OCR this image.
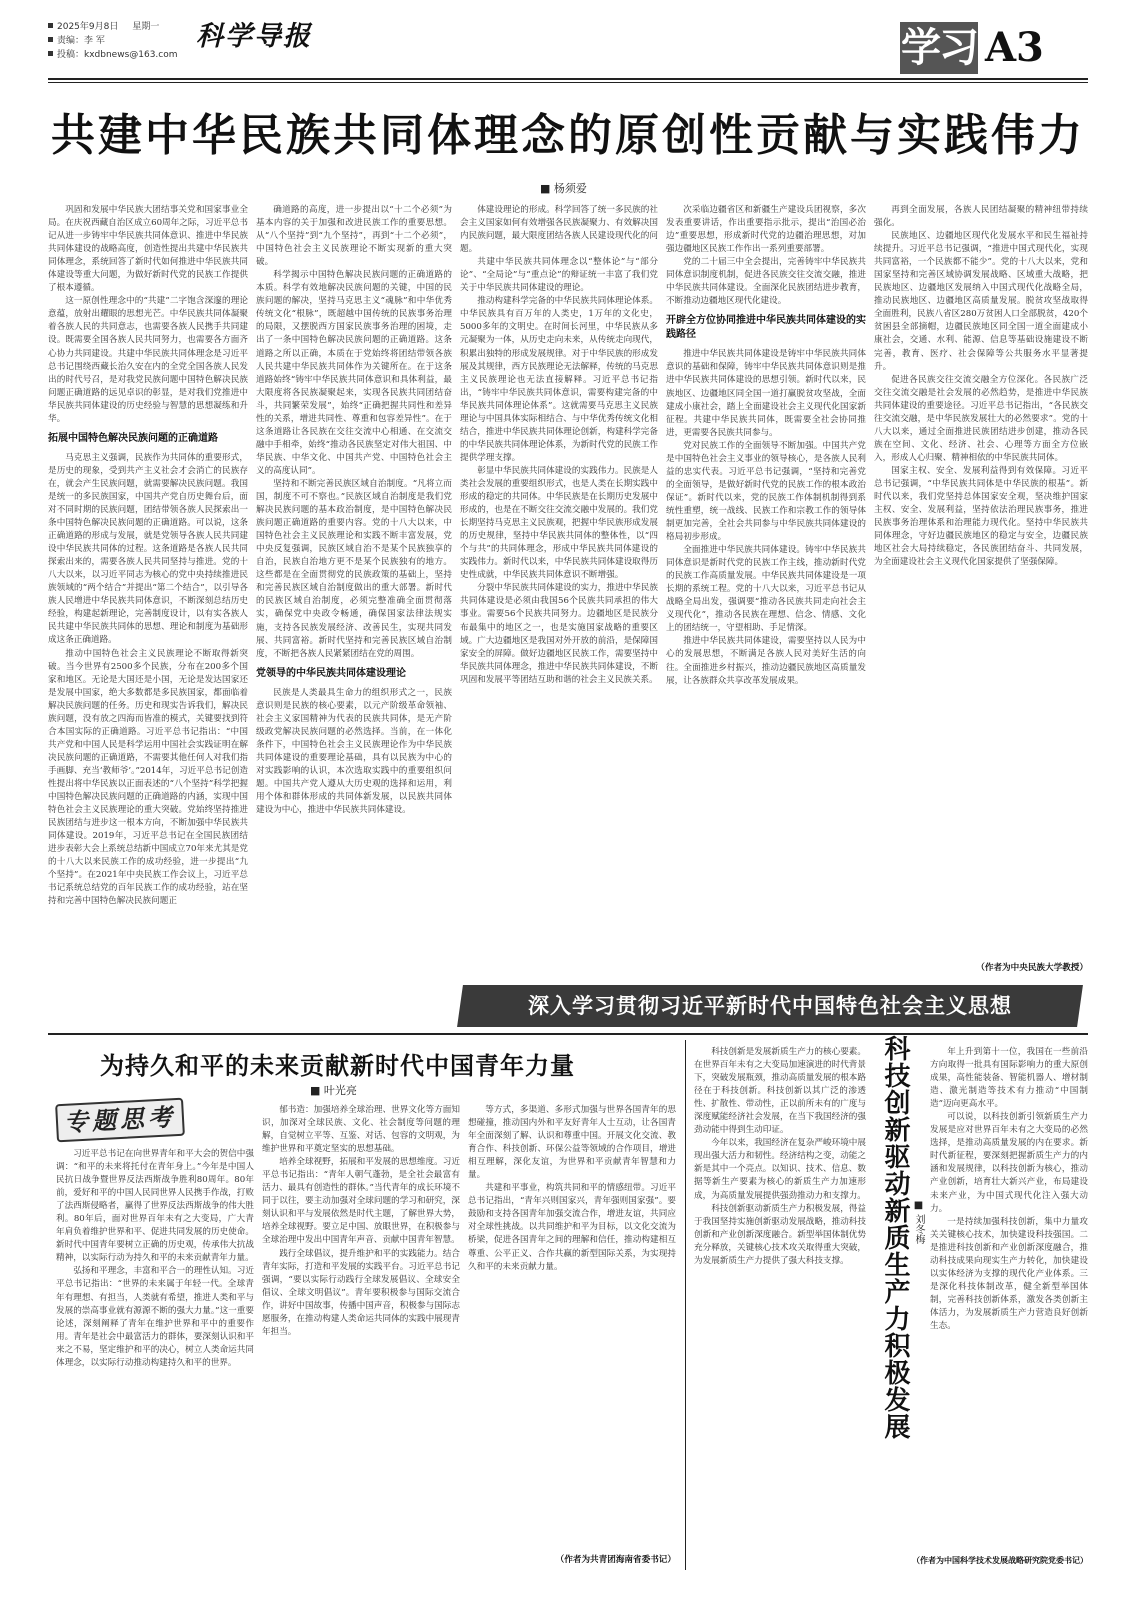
2025年9月8日 星期一
责编：李 军
投稿：kxdbnews@163.com
科学导报	学习 A3
共建中华民族共同体理念的原创性贡献与实践伟力
■ 杨须爱

巩固和发展中华民族大团结事关党和国家事业全局。在庆祝西藏自治区成立60周年之际，习近平总书记从进一步铸牢中华民族共同体意识、推进中华民族共同体建设的战略高度，创造性提出共建中华民族共同体理念，系统回答了新时代如何推进中华民族共同体建设等重大问题，为做好新时代党的民族工作提供了根本遵循。

这一原创性理念中的“共建”二字饱含深邃的理论意蕴，放射出耀眼的思想光芒。中华民族共同体凝聚着各族人民的共同意志，也需要各族人民携手共同建设。既需要全国各族人民共同努力，也需要各方面齐心协力共同建设。共建中华民族共同体理念是习近平总书记围绕西藏长治久安在内的全党全国各族人民发出的时代号召，是对我党民族问题中国特色解决民族问题正确道路的远见卓识的彰显，是对我们党推进中华民族共同体建设的历史经验与智慧的思想凝练和升华。

拓展中国特色解决民族问题的正确道路

马克思主义强调，民族作为共同体的重要形式，是历史的现象，受到共产主义社会才会消亡的民族存在，就会产生民族问题，就需要解决民族问题。我国是统一的多民族国家，中国共产党自历史舞台后，面对不同时期的民族问题，团结带领各族人民探索出一条中国特色解决民族问题的正确道路。可以说，这条正确道路的形成与发展，就是党领导各族人民共同建设中华民族共同体的过程。这条道路是各族人民共同探索出来的，需要各族人民共同坚持与推进。党的十八大以来，以习近平同志为核心的党中央持续推进民族领域的“两个结合”并提出“第二个结合”，以引导各族人民增进中华民族共同体意识，不断深刻总结历史经验，构建起新理论，完善制度设计，以有实各族人民共建中华民族共同体的思想、理论和制度为基础形成这条正确道路。

推动中国特色社会主义民族理论不断取得新突破。当今世界有2500多个民族，分布在200多个国家和地区。无论是大国还是小国，无论是发达国家还是发展中国家，绝大多数都是多民族国家，都面临着解决民族问题的任务。历史和现实告诉我们，解决民族问题，没有放之四海而皆准的模式，关键要找到符合本国实际的正确道路。习近平总书记指出：“中国共产党和中国人民是科学运用中国社会实践证明在解决民族问题的正确道路，不需要其他任何人对我们指手画脚、充当‘教师爷’。”2014年，习近平总书记创造性提出将中华民族以正面表述的“八个坚持”科学把握中国特色解决民族问题的正确道路的内涵，实现中国特色社会主义民族理论的重大突破。党始终坚持推进民族团结与进步这一根本方向，不断加强中华民族共同体建设。2019年，习近平总书记在全国民族团结进步表彰大会上系统总结新中国成立70年来尤其是党的十八大以来民族工作的成功经验，进一步提出“九个坚持”。在2021年中央民族工作会议上，习近平总书记系统总结党的百年民族工作的成功经验，站在坚持和完善中国特色解决民族问题正

确道路的高度，进一步提出以“十二个必须”为基本内容的关于加强和改进民族工作的重要思想。从“八个坚持”到“九个坚持”，再到“十二个必须”，中国特色社会主义民族理论不断实现新的重大突破。

科学揭示中国特色解决民族问题的正确道路的本质。科学有效地解决民族问题的关键，中国的民族问题的解决，坚持马克思主义“魂脉”和中华优秀传统文化“根脉”，既超越中国传统的民族事务治理的局限，又摆脱西方国家民族事务治理的困境，走出了一条中国特色解决民族问题的正确道路。这条道路之所以正确，本质在于党始终将团结带领各族人民共建中华民族共同体作为关键所在。在于这条道路始终“铸牢中华民族共同体意识和具体利益，最大限度将各民族凝聚起来，实现各民族共同团结奋斗，共同繁荣发展”，始终“正确把握共同性和差异性的关系，增进共同性、尊重和包容差异性”。在于这条道路让各民族在交往交流中心相通、在交流交融中手相牵，始终“推动各民族坚定对伟大祖国、中华民族、中华文化、中国共产党、中国特色社会主义的高度认同”。

坚持和不断完善民族区域自治制度。“凡将立而国，制度不可不察也。”民族区域自治制度是我们党解决民族问题的基本政治制度，是中国特色解决民族问题正确道路的重要内容。党的十八大以来，中国特色社会主义民族理论和实践不断丰富发展，党中央反复强调，民族区域自治不是某个民族独享的自治，民族自治地方更不是某个民族独有的地方。这些都是在全面贯彻党的民族政策的基础上，坚持和完善民族区域自治制度做出的重大部署。新时代的民族区域自治制度，必须完整准确全面贯彻落实，确保党中央政令畅通，确保国家法律法规实施，支持各民族发展经济、改善民生，实现共同发展、共同富裕。新时代坚持和完善民族区域自治制度，不断把各族人民紧紧团结在党的周围。

党领导的中华民族共同体建设理论

民族是人类最具生命力的组织形式之一，民族意识则是民族的核心要素，以元产阶级革命领袖、社会主义家国精神为代表的民族共同体，是无产阶级政党解决民族问题的必然选择。当前，在一体化条件下，中国特色社会主义民族理论作为中华民族共同体建设的重要理论基础，具有以民族为中心的对实践影响的认识，本次选取实践中的重要组织问题。中国共产党人遵从大历史观的选择和运用，利用个体和群体形成的共同体新发展，以民族共同体建设为中心，推进中华民族共同体建设。

体建设理论的形成。科学回答了统一多民族的社会主义国家如何有效增强各民族凝聚力、有效解决国内民族问题，最大限度团结各族人民建设现代化的问题。

共建中华民族共同体理念以“整体论”与“部分论”、“全局论”与“重点论”的辩证统一丰富了我们党关于中华民族共同体建设的理论。

推动构建科学完备的中华民族共同体理论体系。中华民族具有百万年的人类史，1万年的文化史，5000多年的文明史。在时间长河里，中华民族从多元凝聚为一体，从历史走向未来，从传统走向现代，积累出独特的形成发展规律。对于中华民族的形成发展及其规律，西方民族理论无法解释，传统的马克思主义民族理论也无法直接解释。习近平总书记指出，“铸牢中华民族共同体意识，需要构建完备的中华民族共同体理论体系”。这就需要马克思主义民族理论与中国具体实际相结合、与中华优秀传统文化相结合，推进中华民族共同体理论创新，构建科学完备的中华民族共同体理论体系，为新时代党的民族工作提供学理支撑。

彰显中华民族共同体建设的实践伟力。民族是人类社会发展的重要组织形式，也是人类在长期实践中形成的稳定的共同体。中华民族是在长期历史发展中形成的，也是在不断交往交流交融中发展的。我们党长期坚持马克思主义民族观，把握中华民族形成发展的历史规律，坚持中华民族共同体的整体性，以“四个与共”的共同体理念，形成中华民族共同体建设的实践伟力。新时代以来，中华民族共同体建设取得历史性成就，中华民族共同体意识不断增强。

分裂中华民族共同体建设的实力，推进中华民族共同体建设是必须由我国56个民族共同承担的伟大事业。需要56个民族共同努力。边疆地区是民族分布最集中的地区之一，也是实施国家战略的重要区域。广大边疆地区是我国对外开放的前沿，是保障国家安全的屏障。做好边疆地区民族工作，需要坚持中华民族共同体理念，推进中华民族共同体建设，不断巩固和发展平等团结互助和谐的社会主义民族关系。

次采临边疆省区和新疆生产建设兵团视察，多次发表重要讲话，作出重要指示批示，提出“治国必治边”重要思想，形成新时代党的边疆治理思想，对加强边疆地区民族工作作出一系列重要部署。

党的二十届三中全会提出，完善铸牢中华民族共同体意识制度机制，促进各民族交往交流交融，推进中华民族共同体建设。全面深化民族团结进步教育，不断推动边疆地区现代化建设。

开辟全方位协同推进中华民族共同体建设的实践路径

推进中华民族共同体建设是铸牢中华民族共同体意识的基础和保障，铸牢中华民族共同体意识则是推进中华民族共同体建设的思想引领。新时代以来，民族地区、边疆地区同全国一道打赢脱贫攻坚战，全面建成小康社会，踏上全面建设社会主义现代化国家新征程。共建中华民族共同体，既需要全社会协同推进，更需要各民族共同参与。

党对民族工作的全面领导不断加强。中国共产党是中国特色社会主义事业的领导核心，是各族人民利益的忠实代表。习近平总书记强调，“坚持和完善党的全面领导，是做好新时代党的民族工作的根本政治保证”。新时代以来，党的民族工作体制机制得到系统性重塑，统一战线、民族工作和宗教工作的领导体制更加完善，全社会共同参与中华民族共同体建设的格局初步形成。

全面推进中华民族共同体建设。铸牢中华民族共同体意识是新时代党的民族工作主线，推动新时代党的民族工作高质量发展。中华民族共同体建设是一项长期的系统工程。党的十八大以来，习近平总书记从战略全局出发，强调要“推动各民族共同走向社会主义现代化”，推动各民族在理想、信念、情感、文化上的团结统一，守望相助、手足情深。

推进中华民族共同体建设，需要坚持以人民为中心的发展思想，不断满足各族人民对美好生活的向往。全面推进乡村振兴，推动边疆民族地区高质量发展，让各族群众共享改革发展成果。

再到全面发展，各族人民团结凝聚的精神纽带持续强化。

民族地区、边疆地区现代化发展水平和民生福祉持续提升。习近平总书记强调，“推进中国式现代化，实现共同富裕，一个民族都不能少”。党的十八大以来，党和国家坚持和完善区域协调发展战略、区域重大战略，把民族地区、边疆地区发展纳入中国式现代化战略全局，推动民族地区、边疆地区高质量发展。脱贫攻坚战取得全面胜利，民族八省区280万贫困人口全部脱贫，420个贫困县全部摘帽，边疆民族地区同全国一道全面建成小康社会，交通、水利、能源、信息等基础设施建设不断完善，教育、医疗、社会保障等公共服务水平显著提升。

促进各民族交往交流交融全方位深化。各民族广泛交往交流交融是社会发展的必然趋势，是推进中华民族共同体建设的重要途径。习近平总书记指出，“各民族交往交流交融，是中华民族发展壮大的必然要求”。党的十八大以来，通过全面推进民族团结进步创建，推动各民族在空间、文化、经济、社会、心理等方面全方位嵌入，形成人心归聚、精神相依的中华民族共同体。

国家主权、安全、发展利益得到有效保障。习近平总书记强调，“中华民族共同体是中华民族的根基”。新时代以来，我们党坚持总体国家安全观，坚决维护国家主权、安全、发展利益，坚持依法治理民族事务，推进民族事务治理体系和治理能力现代化。坚持中华民族共同体理念，守好边疆民族地区的稳定与安全，边疆民族地区社会大局持续稳定，各民族团结奋斗、共同发展，为全面建设社会主义现代化国家提供了坚强保障。

（作者为中央民族大学教授）
深入学习贯彻习近平新时代中国特色社会主义思想
为持久和平的未来贡献新时代中国青年力量
■ 叶光亮
专题思考

习近平总书记在向世界青年和平大会的贺信中强调：“和平的未来将托付在青年身上。”今年是中国人民抗日战争暨世界反法西斯战争胜利80周年。80年前，爱好和平的中国人民同世界人民携手作战，打败了法西斯侵略者，赢得了世界反法西斯战争的伟大胜利。80年后，面对世界百年未有之大变局，广大青年肩负着维护世界和平、促进共同发展的历史使命。新时代中国青年要树立正确的历史观，传承伟大抗战精神，以实际行动为持久和平的未来贡献青年力量。

弘扬和平理念，丰富和平合一的理性认知。习近平总书记指出：“世界的未来属于年轻一代。全球青年有理想、有担当，人类就有希望，推进人类和平与发展的崇高事业就有源源不断的强大力量。”这一重要论述，深刻阐释了青年在维护世界和平中的重要作用。青年是社会中最富活力的群体，要深刻认识和平来之不易，坚定维护和平的决心，树立人类命运共同体理念，以实际行动推动构建持久和平的世界。

郁书造：加强培养全球治理、世界文化等方面知识，加深对全球民族、文化、社会制度等问题的理解，自觉树立平等、互鉴、对话、包容的文明观，为维护世界和平奠定坚实的思想基础。

培养全球视野，拓展和平发展的思想维度。习近平总书记指出：“青年人朝气蓬勃，是全社会最富有活力、最具有创造性的群体。”当代青年的成长环境不同于以往，要主动加强对全球问题的学习和研究，深刻认识和平与发展依然是时代主题，了解世界大势，培养全球视野。要立足中国、放眼世界，在积极参与全球治理中发出中国青年声音、贡献中国青年智慧。

践行全球倡议，提升维护和平的实践能力。结合青年实际，打造和平发展的实践平台。习近平总书记强调，“要以实际行动践行全球发展倡议、全球安全倡议、全球文明倡议”。青年要积极参与国际交流合作，讲好中国故事，传播中国声音，积极参与国际志愿服务，在推动构建人类命运共同体的实践中展现青年担当。

等方式，多渠道、多形式加强与世界各国青年的思想碰撞，推动国内外和平友好青年人士互动，让各国青年全面深刻了解、认识和尊重中国。开展文化交流、教育合作、科技创新、环保公益等领域的合作项目，增进相互理解，深化友谊，为世界和平贡献青年智慧和力量。

共建和平事业，构筑共同和平的情感纽带。习近平总书记指出，“青年兴则国家兴，青年强则国家强”。要鼓励和支持各国青年加强交流合作，增进友谊，共同应对全球性挑战。以共同维护和平为目标，以文化交流为桥梁，促进各国青年之间的理解和信任，推动构建相互尊重、公平正义、合作共赢的新型国际关系，为实现持久和平的未来贡献力量。

（作者为共青团海南省委书记）

科技创新是发展新质生产力的核心要素。在世界百年未有之大变局加速演进的时代背景下，突破发展瓶颈，推动高质量发展的根本路径在于科技创新。科技创新以其广泛的渗透性、扩散性、带动性，正以前所未有的广度与深度赋能经济社会发展，在当下我国经济的强劲动能中得到生动印证。

今年以来，我国经济在复杂严峻环境中展现出强大活力和韧性。经济结构之变，动能之新是其中一个亮点。以知识、技术、信息、数据等新生产要素为核心的新质生产力加速形成，为高质量发展提供强劲推动力和支撑力。

科技创新驱动新质生产力积极发展，得益于我国坚持实施创新驱动发展战略，推动科技创新和产业创新深度融合。新型举国体制优势充分释放，关键核心技术攻关取得重大突破，为发展新质生产力提供了强大科技支撑。	科技创新驱动新质生产力积极发展 ■ 刘冬梅

年上升到第十一位，我国在一些前沿方向取得一批具有国际影响力的重大原创成果，高性能装备、智能机器人、增材制造、激光制造等技术有力推动“中国制造”迈向更高水平。

可以说，以科技创新引领新质生产力发展是应对世界百年未有之大变局的必然选择，是推动高质量发展的内在要求。新时代新征程，要深刻把握新质生产力的内涵和发展规律，以科技创新为核心，推动产业创新，培育壮大新兴产业，布局建设未来产业，为中国式现代化注入强大动力。

一是持续加强科技创新，集中力量攻关关键核心技术，加快建设科技强国。二是推进科技创新和产业创新深度融合，推动科技成果向现实生产力转化，加快建设以实体经济为支撑的现代化产业体系。三是深化科技体制改革，健全新型举国体制，完善科技创新体系，激发各类创新主体活力，为发展新质生产力营造良好创新生态。

（作者为中国科学技术发展战略研究院党委书记）
